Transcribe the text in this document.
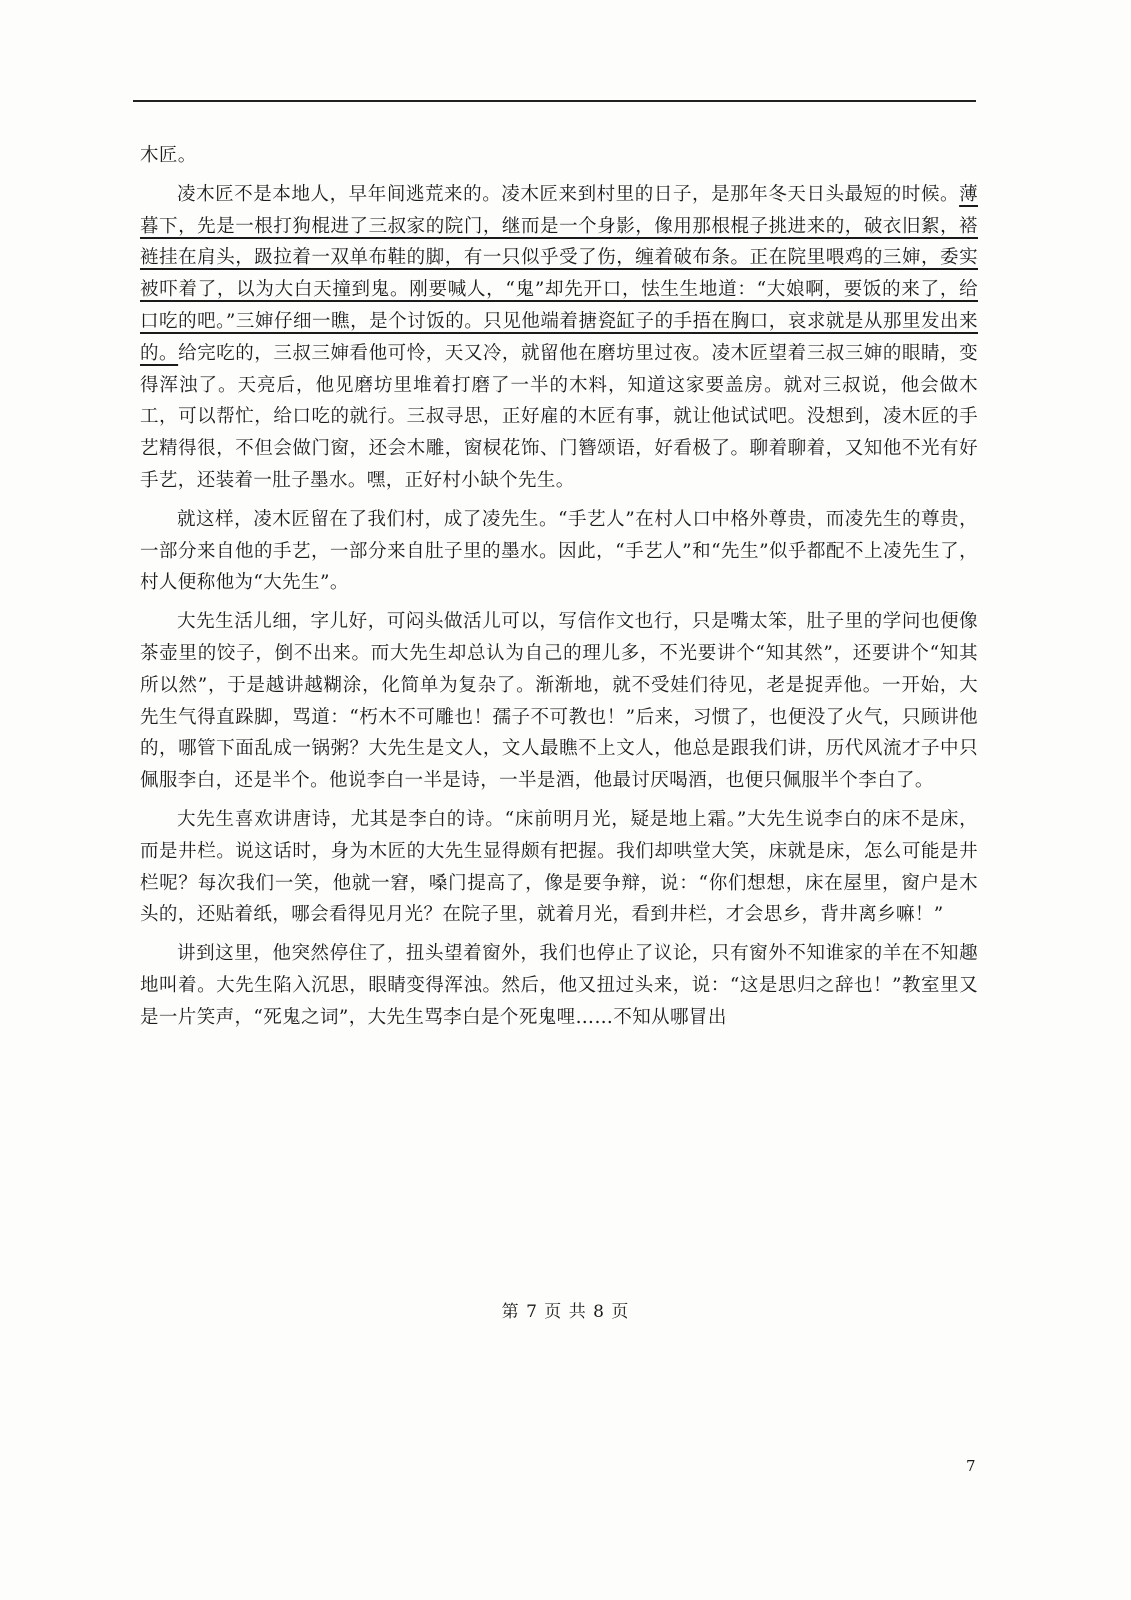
木匠。

凌木匠不是本地人，早年间逃荒来的。凌木匠来到村里的日子，是那年冬天日头最短的时候。薄暮下，先是一根打狗棍进了三叔家的院门，继而是一个身影，像用那根棍子挑进来的，破衣旧絮，褡裢挂在肩头，趿拉着一双单布鞋的脚，有一只似乎受了伤，缠着破布条。正在院里喂鸡的三婶，委实被吓着了，以为大白天撞到鬼。刚要喊人，“鬼”却先开口，怯生生地道：“大娘啊，要饭的来了，给口吃的吧。”三婶仔细一瞧，是个讨饭的。只见他端着搪瓷缸子的手捂在胸口，哀求就是从那里发出来的。给完吃的，三叔三婶看他可怜，天又冷，就留他在磨坊里过夜。凌木匠望着三叔三婶的眼睛，变得浑浊了。天亮后，他见磨坊里堆着打磨了一半的木料，知道这家要盖房。就对三叔说，他会做木工，可以帮忙，给口吃的就行。三叔寻思，正好雇的木匠有事，就让他试试吧。没想到，凌木匠的手艺精得很，不但会做门窗，还会木雕，窗棂花饰、门簪颂语，好看极了。聊着聊着，又知他不光有好手艺，还装着一肚子墨水。嘿，正好村小缺个先生。

就这样，凌木匠留在了我们村，成了凌先生。“手艺人”在村人口中格外尊贵，而凌先生的尊贵，一部分来自他的手艺，一部分来自肚子里的墨水。因此，“手艺人”和“先生”似乎都配不上凌先生了，村人便称他为“大先生”。

大先生活儿细，字儿好，可闷头做活儿可以，写信作文也行，只是嘴太笨，肚子里的学问也便像茶壶里的饺子，倒不出来。而大先生却总认为自己的理儿多，不光要讲个“知其然”，还要讲个“知其所以然”，于是越讲越糊涂，化简单为复杂了。渐渐地，就不受娃们待见，老是捉弄他。一开始，大先生气得直跺脚，骂道：“朽木不可雕也！孺子不可教也！”后来，习惯了，也便没了火气，只顾讲他的，哪管下面乱成一锅粥？大先生是文人，文人最瞧不上文人，他总是跟我们讲，历代风流才子中只佩服李白，还是半个。他说李白一半是诗，一半是酒，他最讨厌喝酒，也便只佩服半个李白了。

大先生喜欢讲唐诗，尤其是李白的诗。“床前明月光，疑是地上霜。”大先生说李白的床不是床，而是井栏。说这话时，身为木匠的大先生显得颇有把握。我们却哄堂大笑，床就是床，怎么可能是井栏呢？每次我们一笑，他就一窘，嗓门提高了，像是要争辩，说：“你们想想，床在屋里，窗户是木头的，还贴着纸，哪会看得见月光？在院子里，就着月光，看到井栏，才会思乡，背井离乡嘛！”

讲到这里，他突然停住了，扭头望着窗外，我们也停止了议论，只有窗外不知谁家的羊在不知趣地叫着。大先生陷入沉思，眼睛变得浑浊。然后，他又扭过头来，说：“这是思归之辞也！”教室里又是一片笑声，“死鬼之词”，大先生骂李白是个死鬼哩……不知从哪冒出

第 7 页 共 8 页
7
